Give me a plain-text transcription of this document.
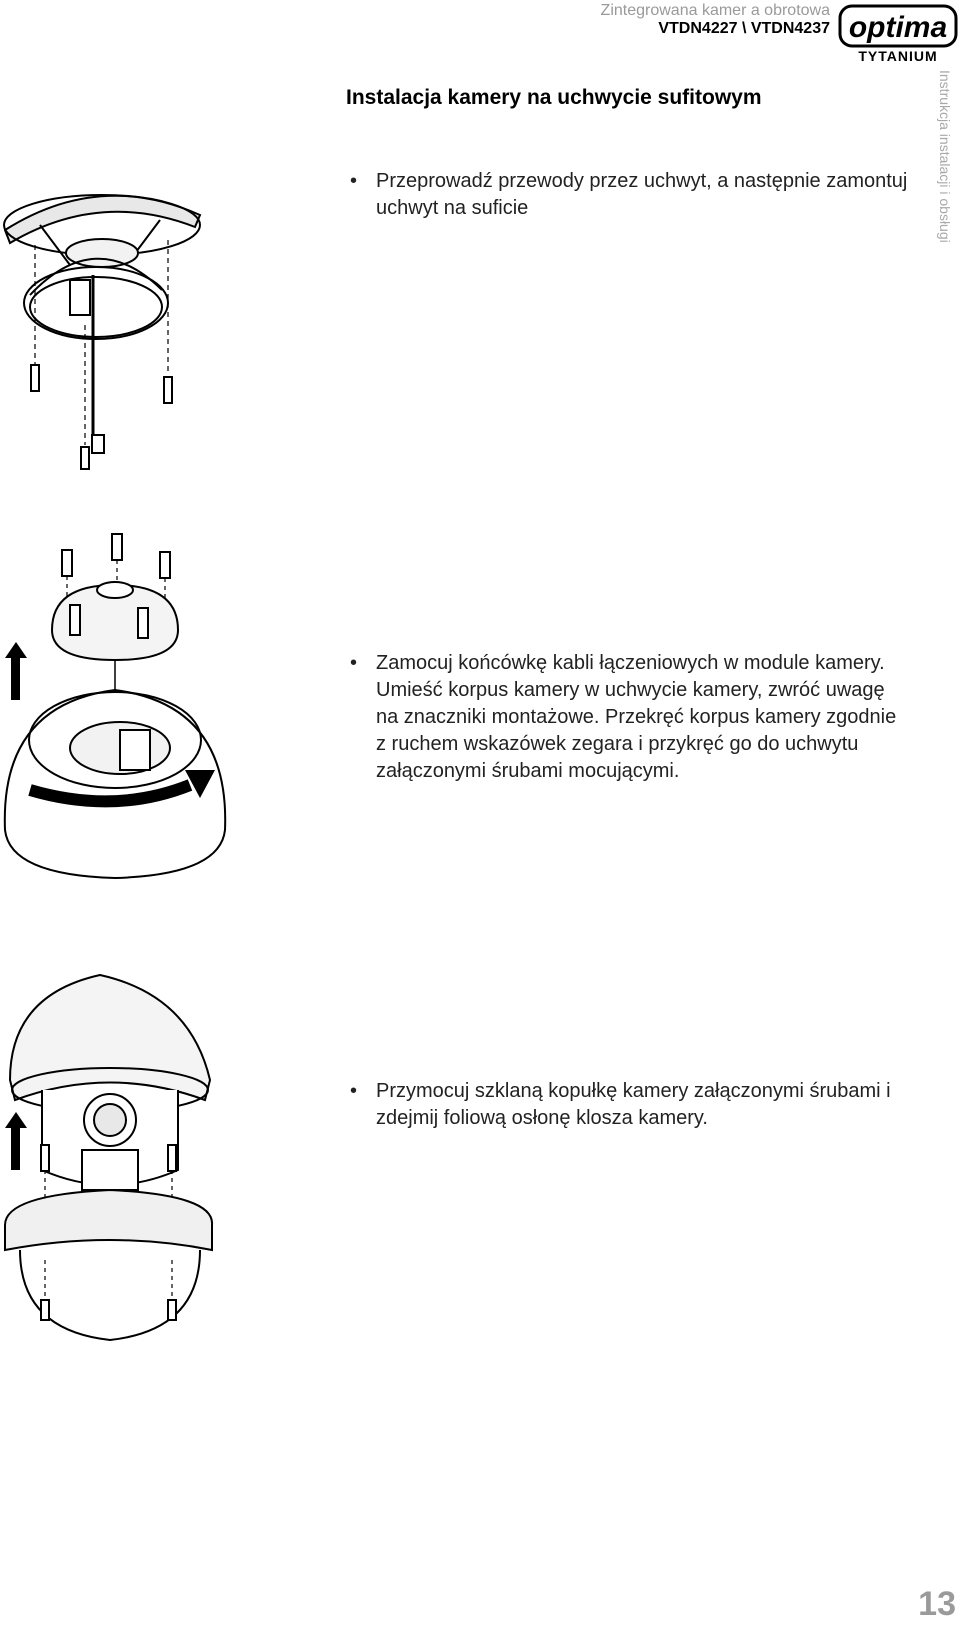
Zintegrowana kamer a obrotowa
VTDN4227 \ VTDN4237 optima
TYTANIUM
Instrukcja instalacji i obsługi
Instalacja kamery na uchwycie sufitowym
• Przeprowadź przewody przez uchwyt, a następnie zamontuj uchwyt na suficie
• Zamocuj końcówkę kabli łączeniowych w module kamery. Umieść korpus kamery w uchwycie kamery, zwróć uwagę na znaczniki montażowe. Przekręć korpus kamery zgodnie z ruchem wskazówek zegara i przykręć go do uchwytu załączonymi śrubami mocującymi.
• Przymocuj szklaną kopułkę kamery załączonymi śrubami i zdejmij foliową osłonę klosza kamery.
13
